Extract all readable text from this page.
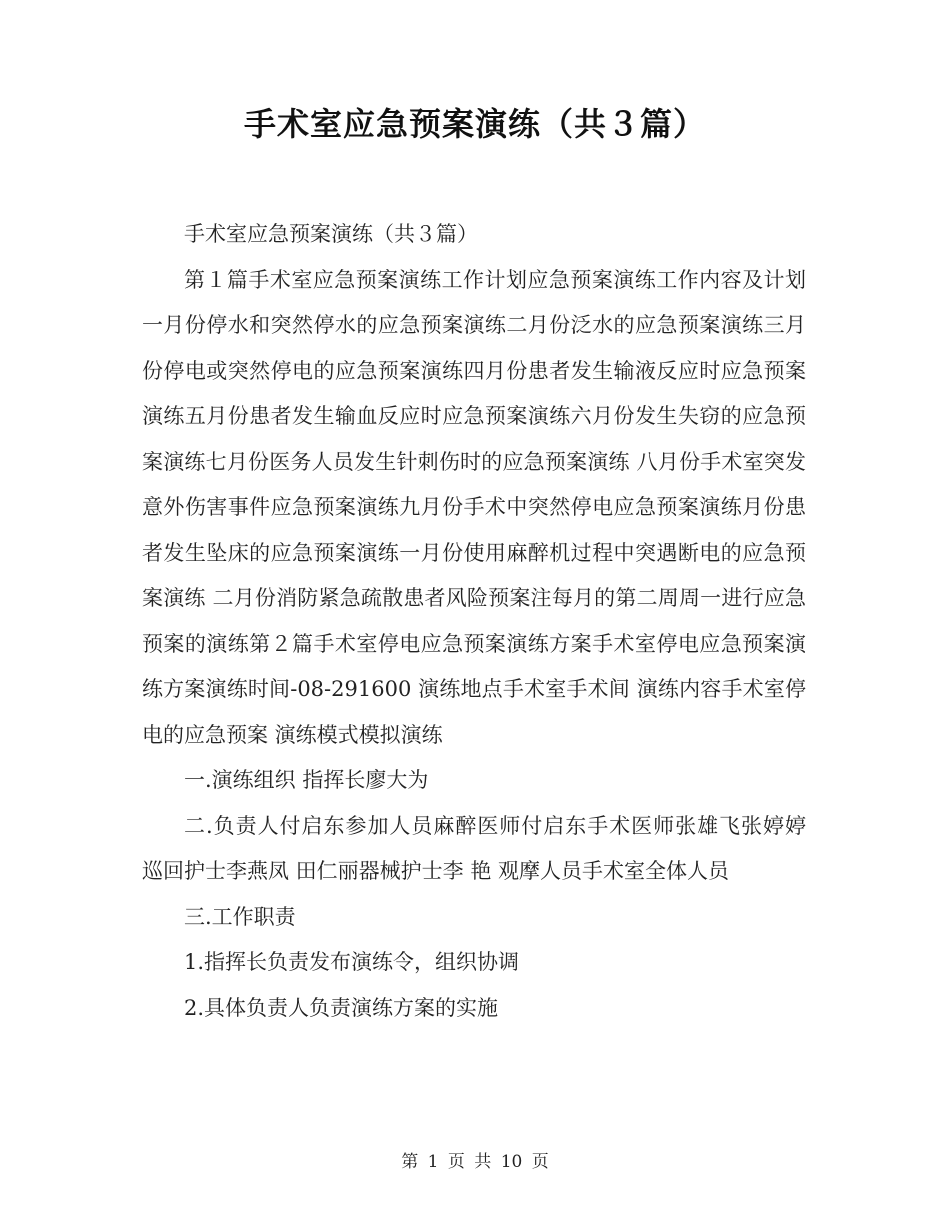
手术室应急预案演练（共３篇）

手术室应急预案演练（共３篇）

第１篇手术室应急预案演练工作计划应急预案演练工作内容及计划一月份停水和突然停水的应急预案演练二月份泛水的应急预案演练三月份停电或突然停电的应急预案演练四月份患者发生输液反应时应急预案演练五月份患者发生输血反应时应急预案演练六月份发生失窃的应急预案演练七月份医务人员发生针刺伤时的应急预案演练 八月份手术室突发意外伤害事件应急预案演练九月份手术中突然停电应急预案演练月份患者发生坠床的应急预案演练一月份使用麻醉机过程中突遇断电的应急预案演练 二月份消防紧急疏散患者风险预案注每月的第二周周一进行应急预案的演练第２篇手术室停电应急预案演练方案手术室停电应急预案演练方案演练时间-08-291600 演练地点手术室手术间 演练内容手术室停电的应急预案 演练模式模拟演练

一.演练组织 指挥长廖大为

二.负责人付启东参加人员麻醉医师付启东手术医师张雄飞张婷婷 巡回护士李燕凤 田仁丽器械护士李 艳 观摩人员手术室全体人员

三.工作职责

1.指挥长负责发布演练令，组织协调

2.具体负责人负责演练方案的实施

第 1 页 共 10 页
